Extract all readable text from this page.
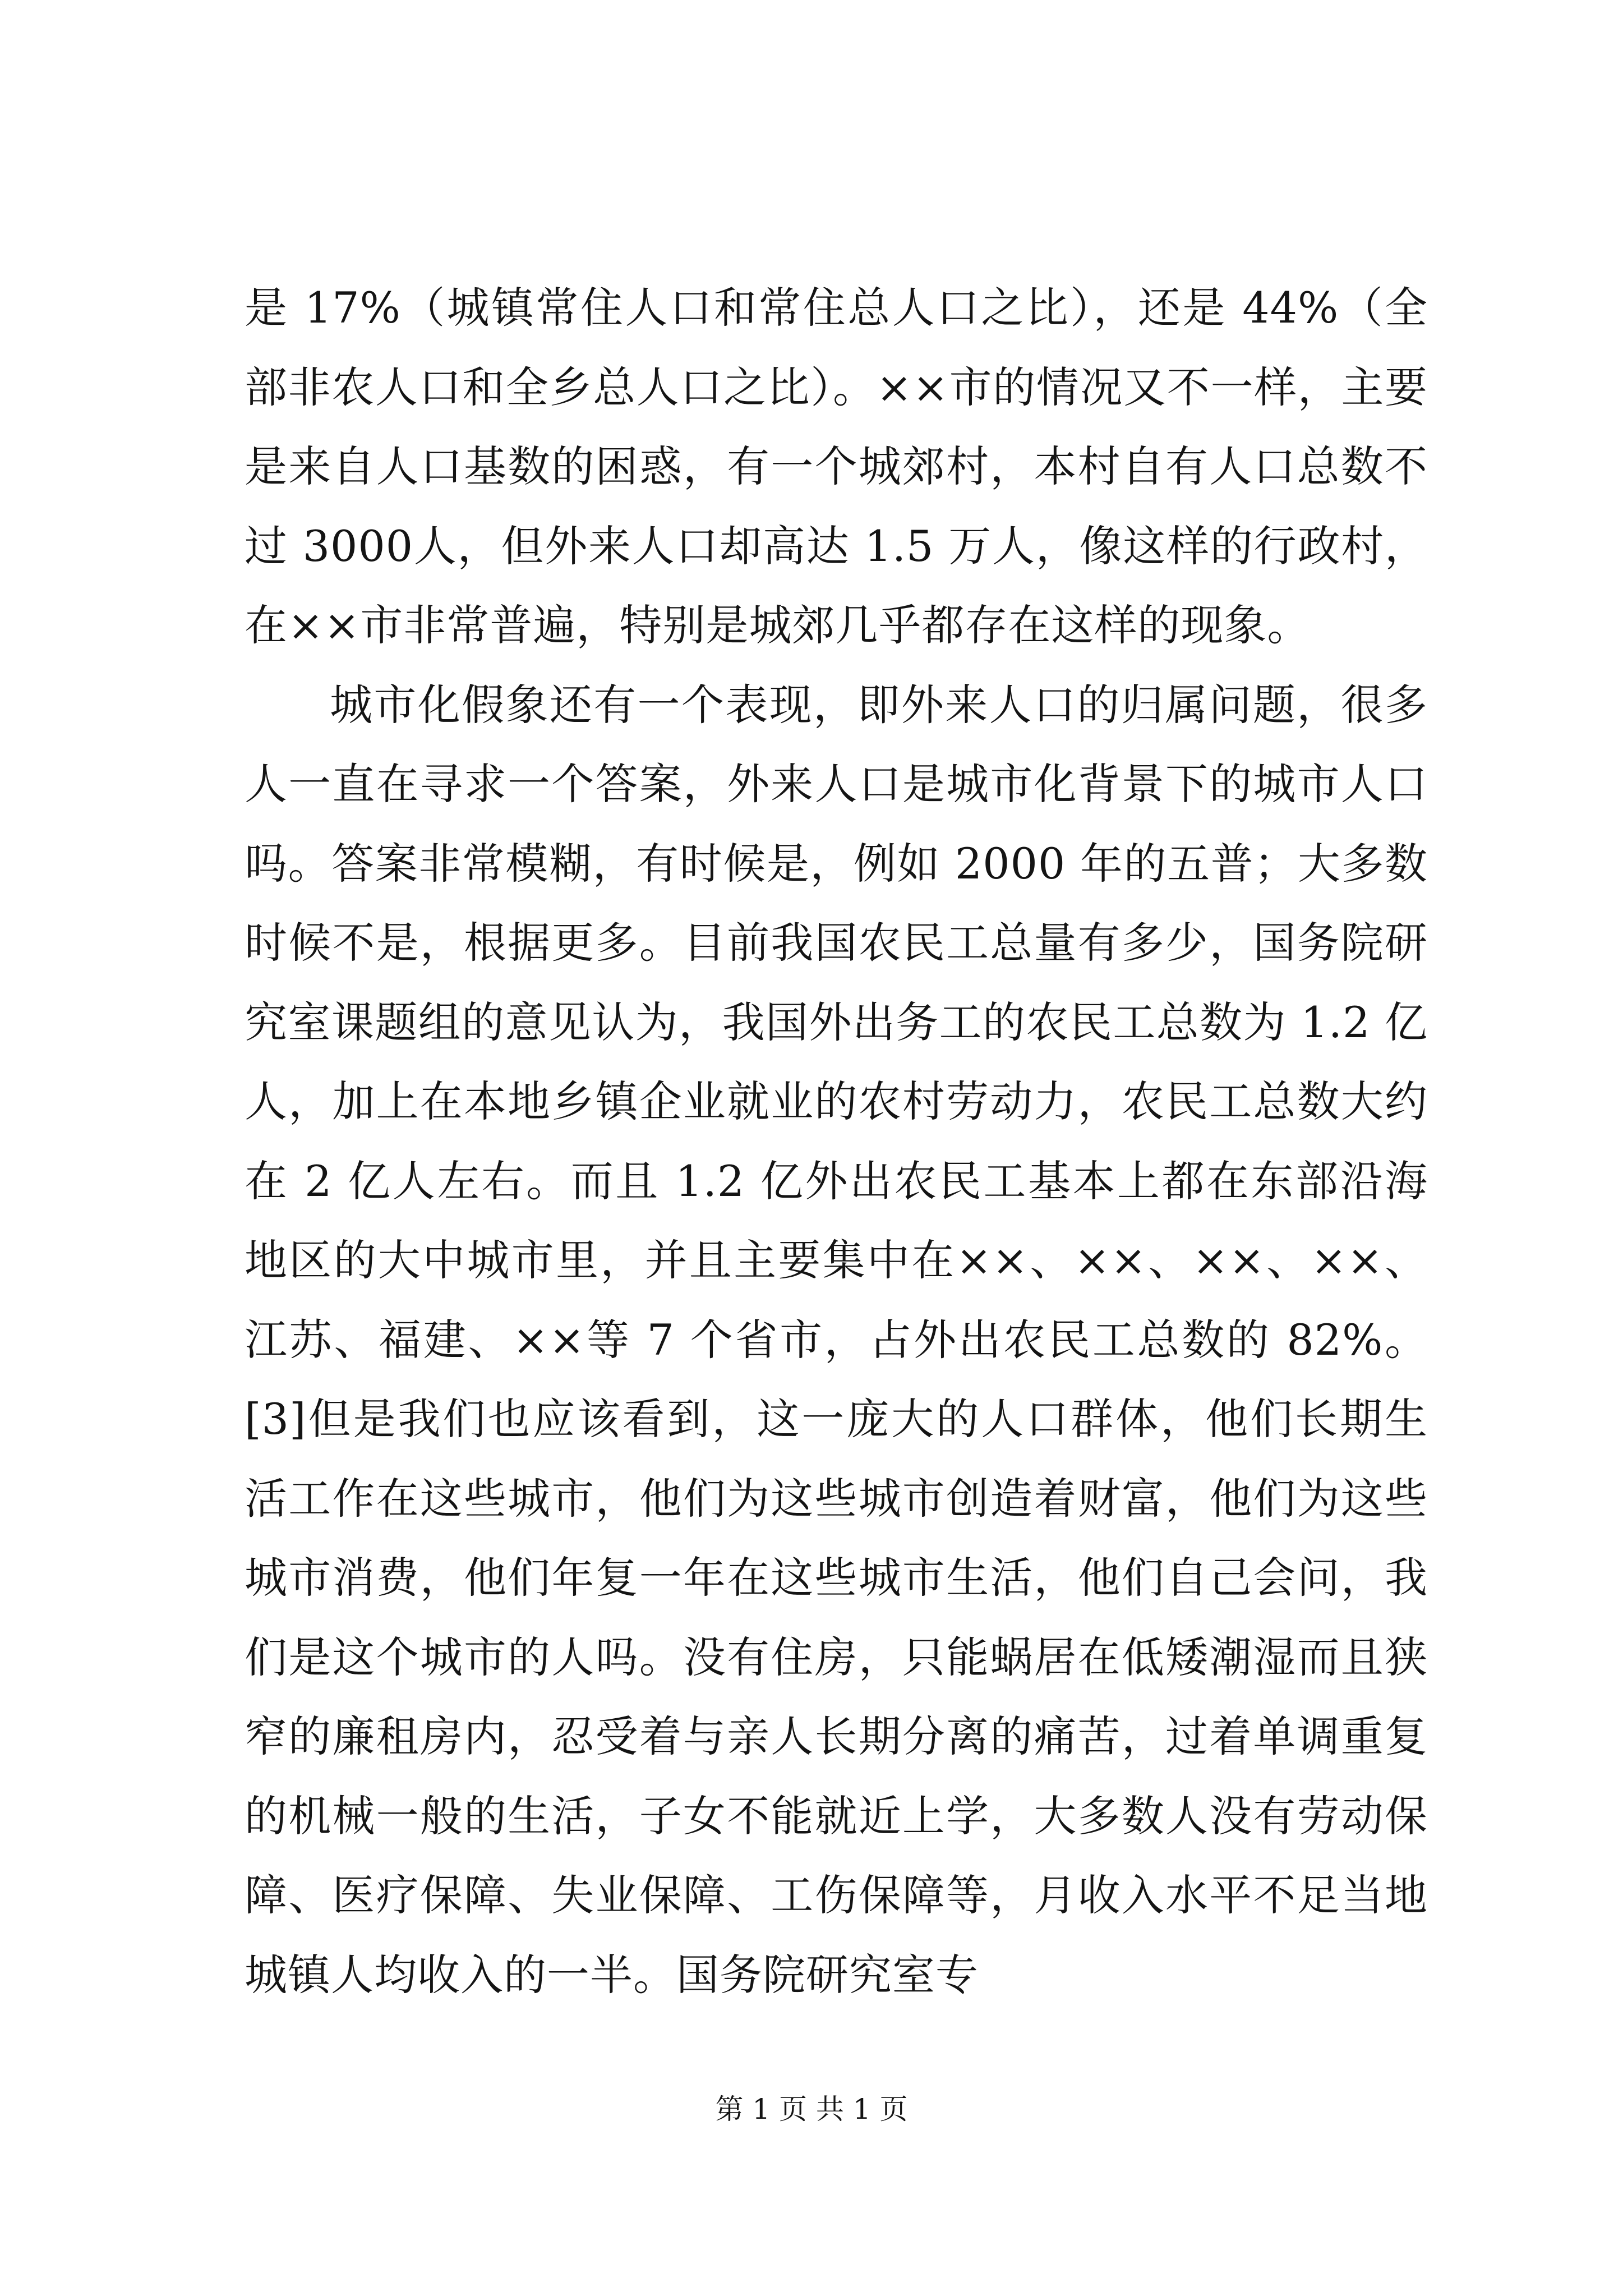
是 17%（城镇常住人口和常住总人口之比），还是 44%（全部非农人口和全乡总人口之比）。××市的情况又不一样，主要是来自人口基数的困惑，有一个城郊村，本村自有人口总数不过 3000人，但外来人口却高达 1.5 万人，像这样的行政村，在××市非常普遍，特别是城郊几乎都存在这样的现象。

城市化假象还有一个表现，即外来人口的归属问题，很多人一直在寻求一个答案，外来人口是城市化背景下的城市人口吗。答案非常模糊，有时候是，例如 2000 年的五普；大多数时候不是，根据更多。目前我国农民工总量有多少，国务院研究室课题组的意见认为，我国外出务工的农民工总数为 1.2 亿人，加上在本地乡镇企业就业的农村劳动力，农民工总数大约在 2 亿人左右。而且 1.2 亿外出农民工基本上都在东部沿海地区的大中城市里，并且主要集中在××、××、××、××、江苏、福建、××等 7 个省市，占外出农民工总数的 82%。[3]但是我们也应该看到，这一庞大的人口群体，他们长期生活工作在这些城市，他们为这些城市创造着财富，他们为这些城市消费，他们年复一年在这些城市生活，他们自己会问，我们是这个城市的人吗。没有住房，只能蜗居在低矮潮湿而且狭窄的廉租房内，忍受着与亲人长期分离的痛苦，过着单调重复的机械一般的生活，子女不能就近上学，大多数人没有劳动保障、医疗保障、失业保障、工伤保障等，月收入水平不足当地城镇人均收入的一半。国务院研究室专

第 1 页 共 1 页
